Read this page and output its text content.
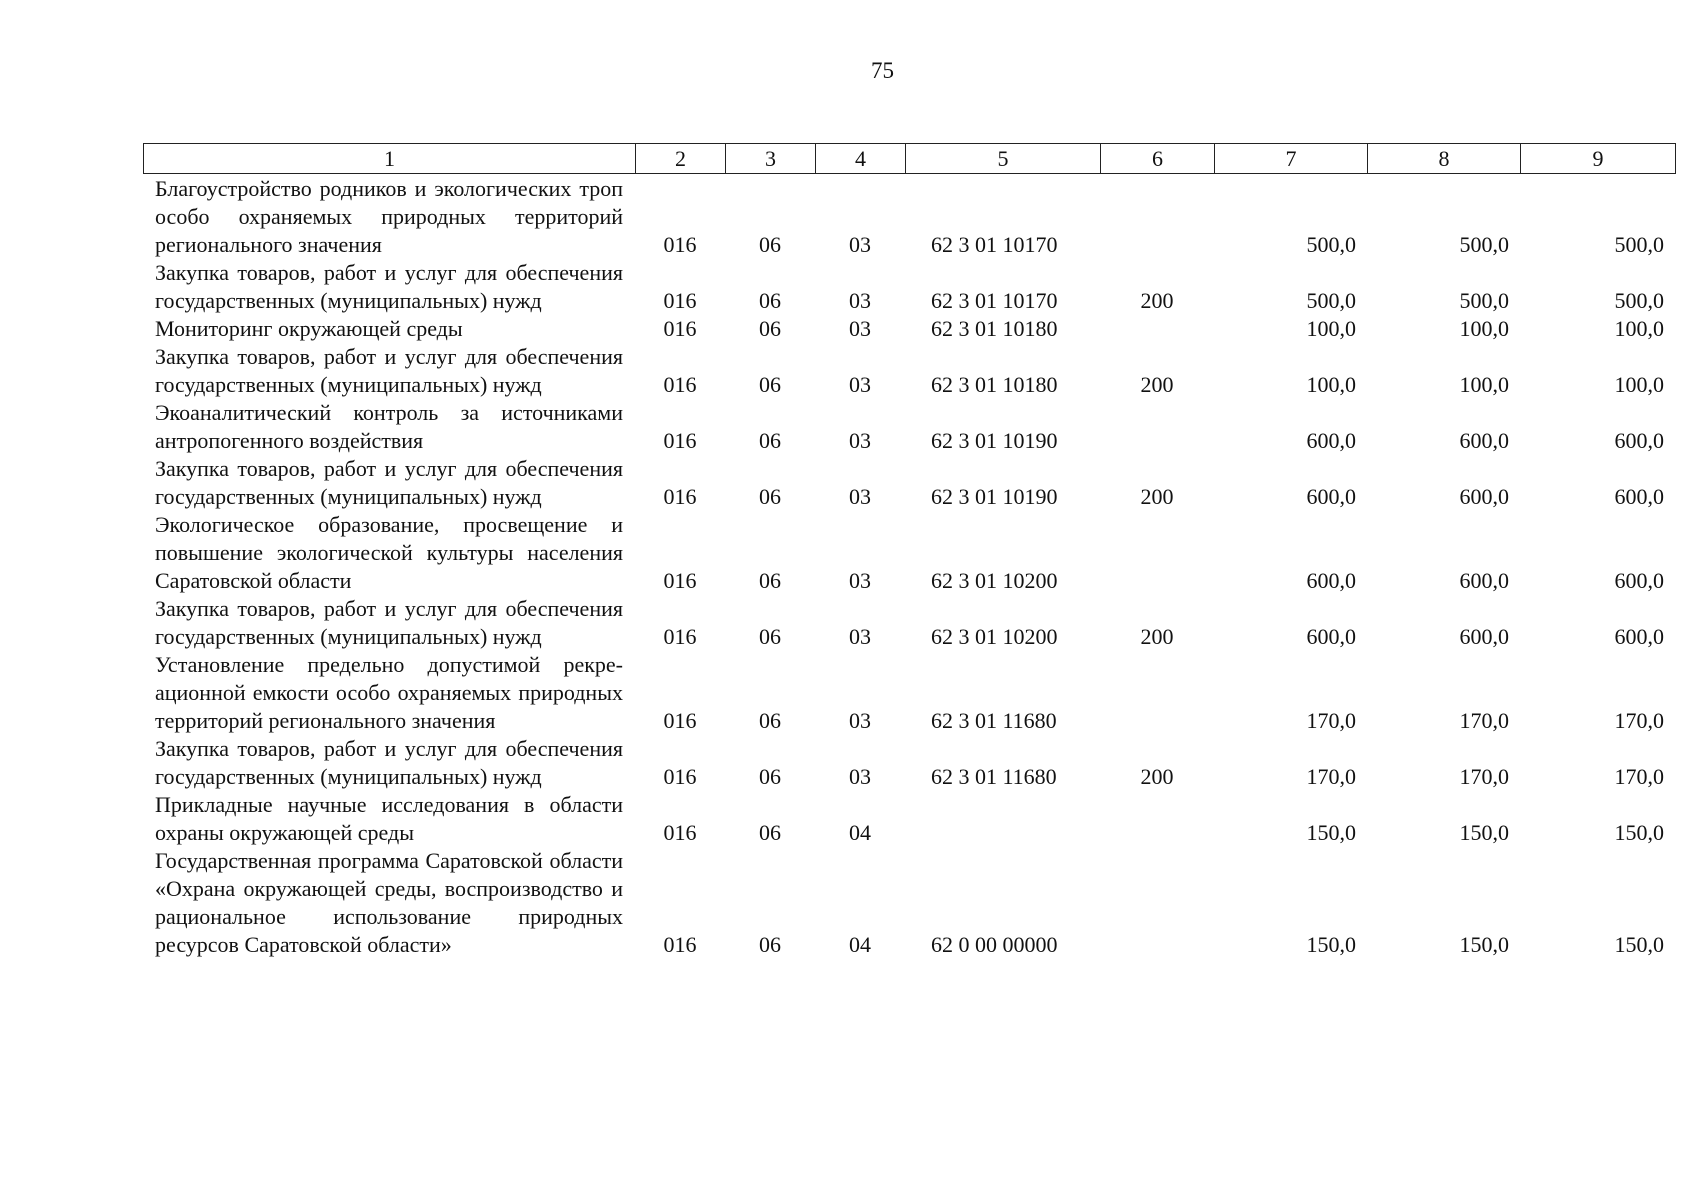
75
1	2	3	4	5	6	7	8	9
Благоустройство родников и экологических троп особо охраняемых природных территорий регионального значения	016	06	03	62 3 01 10170		500,0	500,0	500,0
Закупка товаров, работ и услуг для обеспечения государственных (муниципальных) нужд	016	06	03	62 3 01 10170	200	500,0	500,0	500,0
Мониторинг окружающей среды	016	06	03	62 3 01 10180		100,0	100,0	100,0
Закупка товаров, работ и услуг для обеспечения государственных (муниципальных) нужд	016	06	03	62 3 01 10180	200	100,0	100,0	100,0
Экоаналитический контроль за источниками антропогенного воздействия	016	06	03	62 3 01 10190		600,0	600,0	600,0
Закупка товаров, работ и услуг для обеспечения государственных (муниципальных) нужд	016	06	03	62 3 01 10190	200	600,0	600,0	600,0
Экологическое образование, просвещение и повышение экологической культуры населения Саратовской области	016	06	03	62 3 01 10200		600,0	600,0	600,0
Закупка товаров, работ и услуг для обеспечения государственных (муниципальных) нужд	016	06	03	62 3 01 10200	200	600,0	600,0	600,0
Установление предельно допустимой рекреационной емкости особо охраняемых природных территорий регионального значения	016	06	03	62 3 01 11680		170,0	170,0	170,0
Закупка товаров, работ и услуг для обеспечения государственных (муниципальных) нужд	016	06	03	62 3 01 11680	200	170,0	170,0	170,0
Прикладные научные исследования в области охраны окружающей среды	016	06	04			150,0	150,0	150,0
Государственная программа Саратовской области «Охрана окружающей среды, воспроизводство и рациональное использование природных ресурсов Саратовской области»	016	06	04	62 0 00 00000		150,0	150,0	150,0
